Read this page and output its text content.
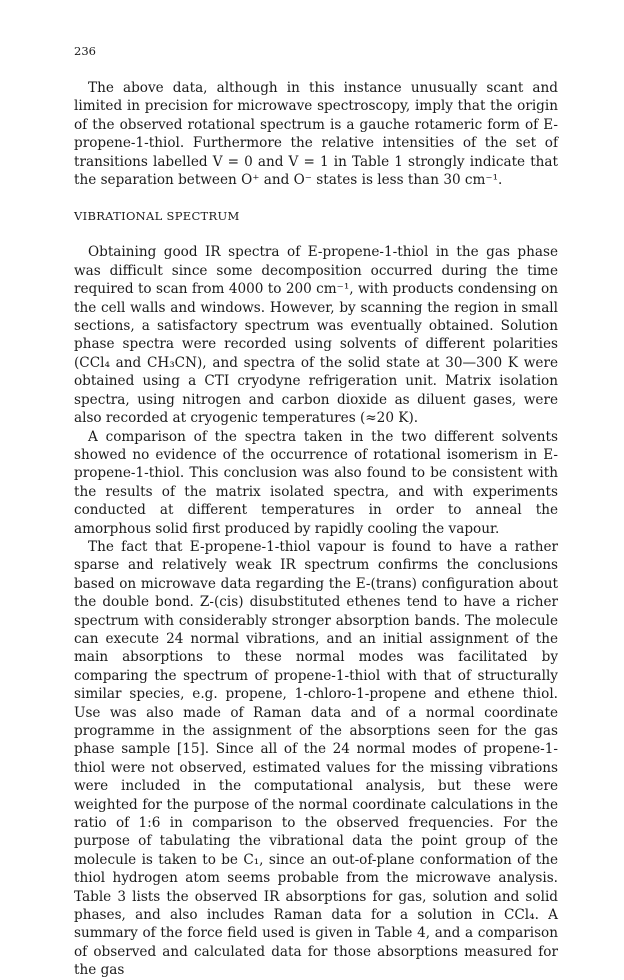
236

The above data, although in this instance unusually scant and limited in precision for microwave spectroscopy, imply that the origin of the observed rotational spectrum is a gauche rotameric form of E-propene-1-thiol. Furthermore the relative intensities of the set of transitions labelled V = 0 and V = 1 in Table 1 strongly indicate that the separation between O⁺ and O⁻ states is less than 30 cm⁻¹.

VIBRATIONAL SPECTRUM

Obtaining good IR spectra of E-propene-1-thiol in the gas phase was difficult since some decomposition occurred during the time required to scan from 4000 to 200 cm⁻¹, with products condensing on the cell walls and windows. However, by scanning the region in small sections, a satisfactory spectrum was eventually obtained. Solution phase spectra were recorded using solvents of different polarities (CCl₄ and CH₃CN), and spectra of the solid state at 30—300 K were obtained using a CTI cryodyne refrigeration unit. Matrix isolation spectra, using nitrogen and carbon dioxide as diluent gases, were also recorded at cryogenic temperatures (≈20 K).

A comparison of the spectra taken in the two different solvents showed no evidence of the occurrence of rotational isomerism in E-propene-1-thiol. This conclusion was also found to be consistent with the results of the matrix isolated spectra, and with experiments conducted at different temperatures in order to anneal the amorphous solid first produced by rapidly cooling the vapour.

The fact that E-propene-1-thiol vapour is found to have a rather sparse and relatively weak IR spectrum confirms the conclusions based on microwave data regarding the E-(trans) configuration about the double bond. Z-(cis) disubstituted ethenes tend to have a richer spectrum with considerably stronger absorption bands. The molecule can execute 24 normal vibrations, and an initial assignment of the main absorptions to these normal modes was facilitated by comparing the spectrum of propene-1-thiol with that of structurally similar species, e.g. propene, 1-chloro-1-propene and ethene thiol. Use was also made of Raman data and of a normal coordinate programme in the assignment of the absorptions seen for the gas phase sample [15]. Since all of the 24 normal modes of propene-1-thiol were not observed, estimated values for the missing vibrations were included in the computational analysis, but these were weighted for the purpose of the normal coordinate calculations in the ratio of 1:6 in comparison to the observed frequencies. For the purpose of tabulating the vibrational data the point group of the molecule is taken to be C₁, since an out-of-plane conformation of the thiol hydrogen atom seems probable from the microwave analysis. Table 3 lists the observed IR absorptions for gas, solution and solid phases, and also includes Raman data for a solution in CCl₄. A summary of the force field used is given in Table 4, and a comparison of observed and calculated data for those absorptions measured for the gas
